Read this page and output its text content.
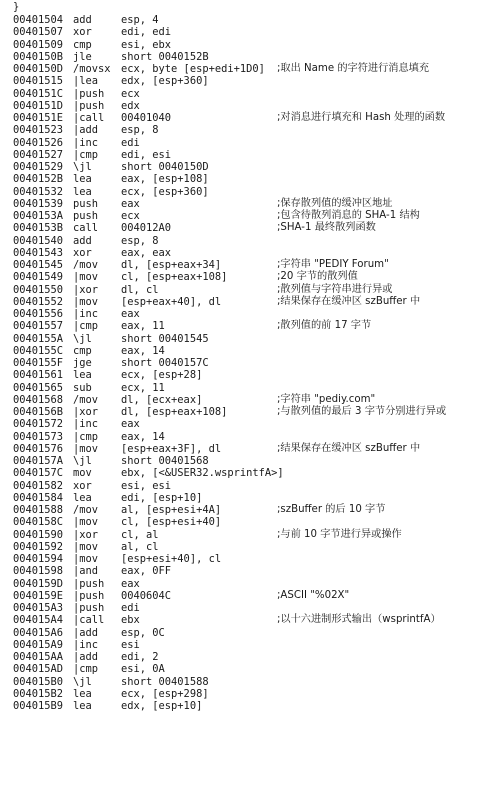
}
00401504 add	esp, 4
00401507 xor	edi, edi
00401509 cmp	esi, ebx
0040150B jle	short 0040152B
0040150D /movsx ecx, byte [esp+edi+1D0] ;取出 Name 的字符进行消息填充
00401515 |lea edx, [esp+360]
0040151C |push ecx
0040151D |push edx
0040151E |call 00401040	;对消息进行填充和 Hash 处理的函数
00401523 |add esp, 8
00401526 |inc edi
00401527 |cmp edi, esi
00401529 \jl	short 0040150D
0040152B lea	eax, [esp+108]
00401532 lea	ecx, [esp+360]
00401539 push eax	;保存散列值的缓冲区地址
0040153A push ecx	;包含待散列消息的 SHA-1 结构
0040153B call 004012A0	;SHA-1 最终散列函数
00401540 add	esp, 8
00401543 xor	eax, eax
00401545 /mov dl, [esp+eax+34]	;字符串 "PEDIY Forum"
00401549 |mov cl, [esp+eax+108]	;20 字节的散列值
00401550 |xor dl, cl	;散列值与字符串进行异或
00401552 |mov [esp+eax+40], dl	;结果保存在缓冲区 szBuffer 中
00401556 |inc eax
00401557 |cmp eax, 11	;散列值的前 17 字节
0040155A \jl	short 00401545
0040155C cmp	eax, 14
0040155F jge	short 0040157C
00401561 lea	ecx, [esp+28]
00401565 sub	ecx, 11
00401568 /mov dl, [ecx+eax]	;字符串 "pediy.com"
0040156B |xor dl, [esp+eax+108]	;与散列值的最后 3 字节分别进行异或
00401572 |inc eax
00401573 |cmp eax, 14
00401576 |mov [esp+eax+3F], dl	;结果保存在缓冲区 szBuffer 中
0040157A \jl	short 00401568
0040157C mov	ebx, [<&USER32.wsprintfA>]
00401582 xor	esi, esi
00401584 lea	edi, [esp+10]
00401588 /mov al, [esp+esi+4A]	;szBuffer 的后 10 字节
0040158C |mov cl, [esp+esi+40]
00401590 |xor cl, al	;与前 10 字节进行异或操作
00401592 |mov al, cl
00401594 |mov [esp+esi+40], cl
00401598 |and eax, 0FF
0040159D |push eax
0040159E |push 0040604C	;ASCII "%02X"
004015A3 |push edi
004015A4 |call ebx	;以十六进制形式输出（wsprintfA）
004015A6 |add esp, 0C
004015A9 |inc esi
004015AA |add edi, 2
004015AD |cmp esi, 0A
004015B0 \jl	short 00401588
004015B2 lea	ecx, [esp+298]
004015B9 lea	edx, [esp+10]
